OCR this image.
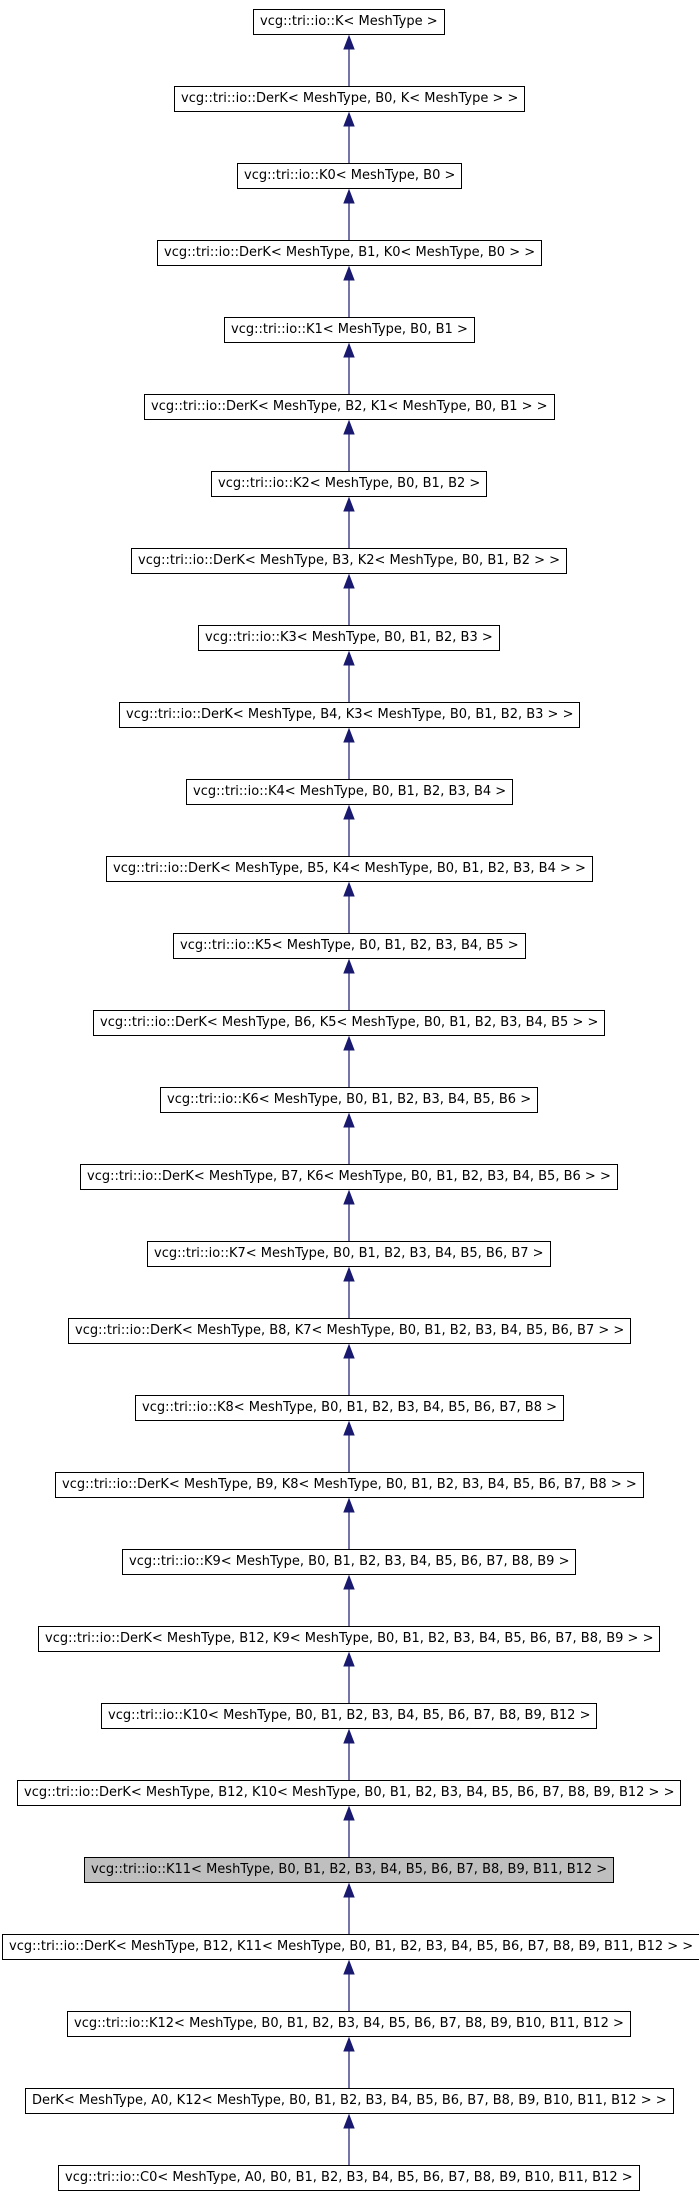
vcg::tri::io::K< MeshType >
vcg::tri::io::DerK< MeshType, B0, K< MeshType > >
vcg::tri::io::K0< MeshType, B0 >
vcg::tri::io::DerK< MeshType, B1, K0< MeshType, B0 > >
vcg::tri::io::K1< MeshType, B0, B1 >
vcg::tri::io::DerK< MeshType, B2, K1< MeshType, B0, B1 > >
vcg::tri::io::K2< MeshType, B0, B1, B2 >
vcg::tri::io::DerK< MeshType, B3, K2< MeshType, B0, B1, B2 > >
vcg::tri::io::K3< MeshType, B0, B1, B2, B3 >
vcg::tri::io::DerK< MeshType, B4, K3< MeshType, B0, B1, B2, B3 > >
vcg::tri::io::K4< MeshType, B0, B1, B2, B3, B4 >
vcg::tri::io::DerK< MeshType, B5, K4< MeshType, B0, B1, B2, B3, B4 > >
vcg::tri::io::K5< MeshType, B0, B1, B2, B3, B4, B5 >
vcg::tri::io::DerK< MeshType, B6, K5< MeshType, B0, B1, B2, B3, B4, B5 > >
vcg::tri::io::K6< MeshType, B0, B1, B2, B3, B4, B5, B6 >
vcg::tri::io::DerK< MeshType, B7, K6< MeshType, B0, B1, B2, B3, B4, B5, B6 > >
vcg::tri::io::K7< MeshType, B0, B1, B2, B3, B4, B5, B6, B7 >
vcg::tri::io::DerK< MeshType, B8, K7< MeshType, B0, B1, B2, B3, B4, B5, B6, B7 > >
vcg::tri::io::K8< MeshType, B0, B1, B2, B3, B4, B5, B6, B7, B8 >
vcg::tri::io::DerK< MeshType, B9, K8< MeshType, B0, B1, B2, B3, B4, B5, B6, B7, B8 > >
vcg::tri::io::K9< MeshType, B0, B1, B2, B3, B4, B5, B6, B7, B8, B9 >
vcg::tri::io::DerK< MeshType, B12, K9< MeshType, B0, B1, B2, B3, B4, B5, B6, B7, B8, B9 > >
vcg::tri::io::K10< MeshType, B0, B1, B2, B3, B4, B5, B6, B7, B8, B9, B12 >
vcg::tri::io::DerK< MeshType, B12, K10< MeshType, B0, B1, B2, B3, B4, B5, B6, B7, B8, B9, B12 > >
vcg::tri::io::K11< MeshType, B0, B1, B2, B3, B4, B5, B6, B7, B8, B9, B11, B12 >
vcg::tri::io::DerK< MeshType, B12, K11< MeshType, B0, B1, B2, B3, B4, B5, B6, B7, B8, B9, B11, B12 > >
vcg::tri::io::K12< MeshType, B0, B1, B2, B3, B4, B5, B6, B7, B8, B9, B10, B11, B12 >
DerK< MeshType, A0, K12< MeshType, B0, B1, B2, B3, B4, B5, B6, B7, B8, B9, B10, B11, B12 > >
vcg::tri::io::C0< MeshType, A0, B0, B1, B2, B3, B4, B5, B6, B7, B8, B9, B10, B11, B12 >
